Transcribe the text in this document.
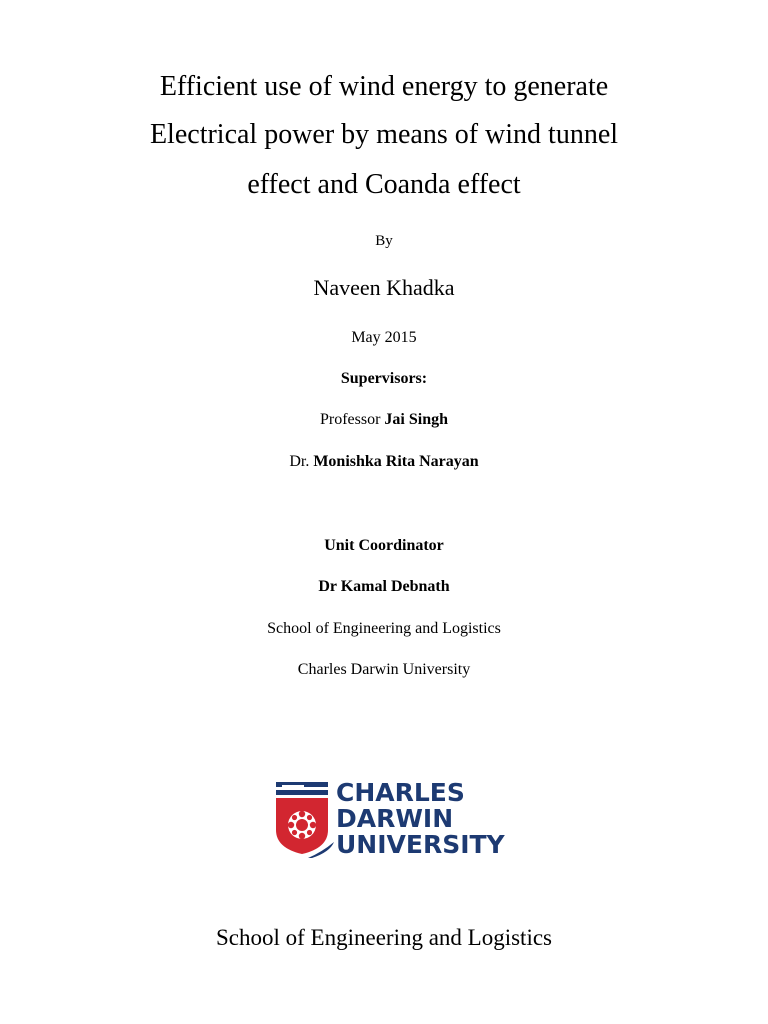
Efficient use of wind energy to generate
Electrical power by means of wind tunnel
effect and Coanda effect
By
Naveen Khadka
May 2015
Supervisors:
Professor Jai Singh
Dr. Monishka Rita Narayan
Unit Coordinator
Dr Kamal Debnath
School of Engineering and Logistics
Charles Darwin University
CHARLES
DARWIN
UNIVERSITY
School of Engineering and Logistics
